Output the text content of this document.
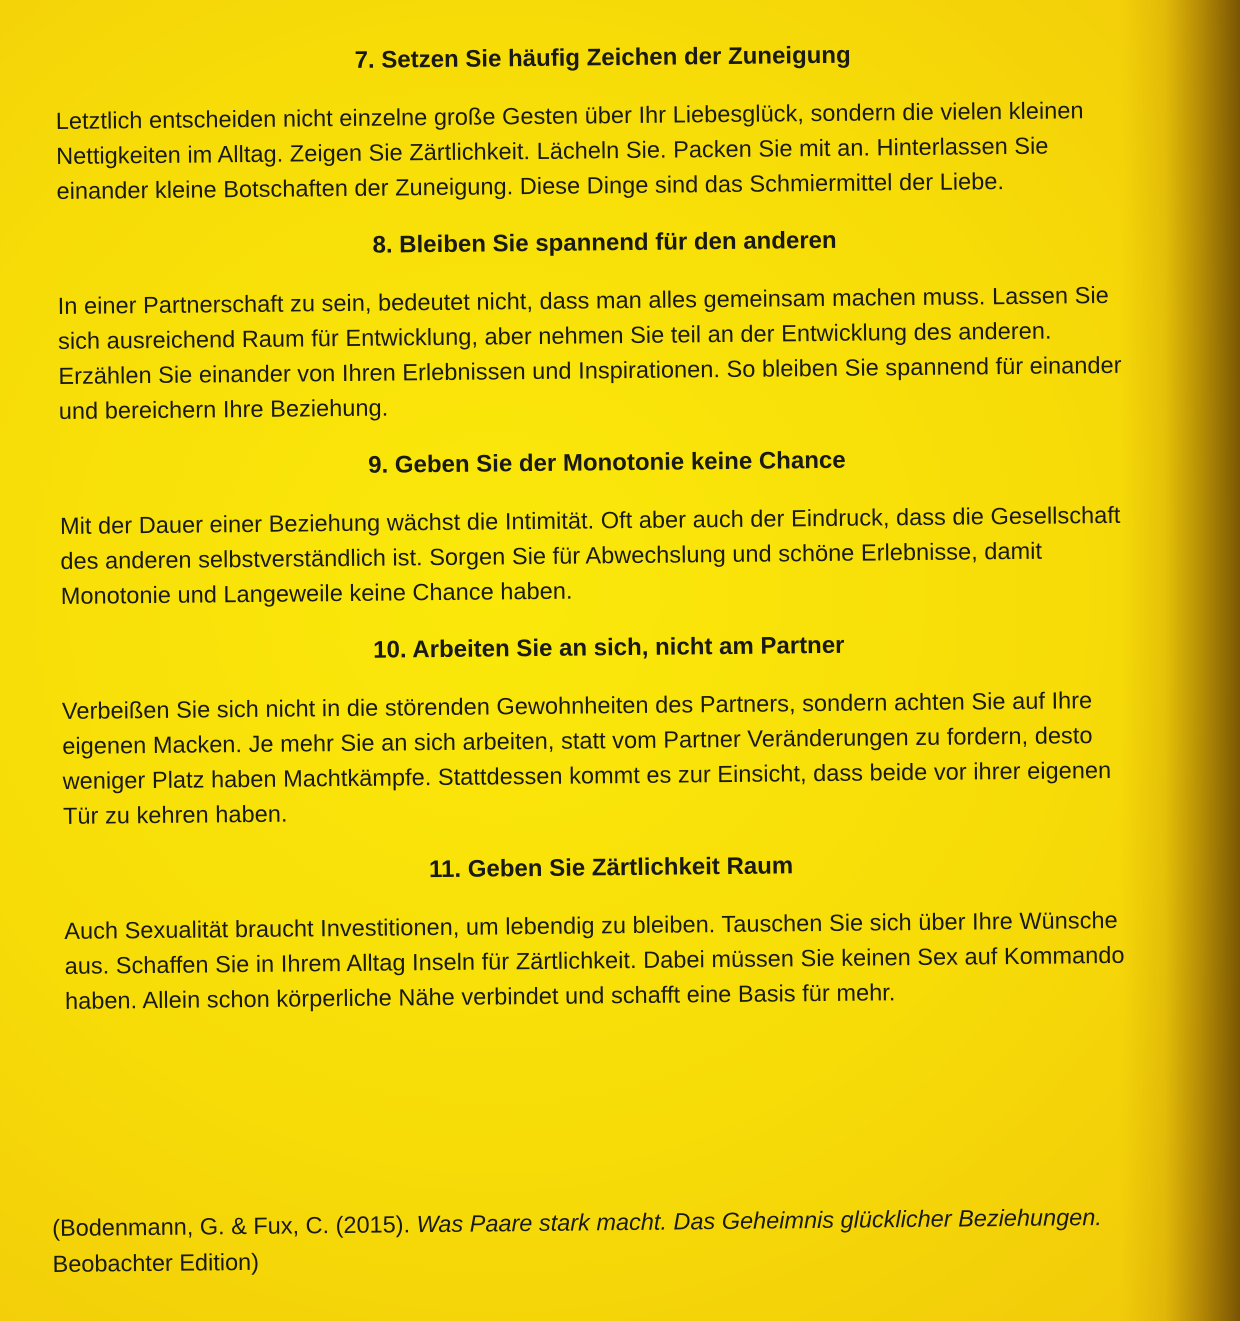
7. Setzen Sie häufig Zeichen der Zuneigung

Letztlich entscheiden nicht einzelne große Gesten über Ihr Liebesglück, sondern die vielen kleinen Nettigkeiten im Alltag. Zeigen Sie Zärtlichkeit. Lächeln Sie. Packen Sie mit an. Hinterlassen Sie einander kleine Botschaften der Zuneigung. Diese Dinge sind das Schmiermittel der Liebe.

8. Bleiben Sie spannend für den anderen

In einer Partnerschaft zu sein, bedeutet nicht, dass man alles gemeinsam machen muss. Lassen Sie sich ausreichend Raum für Entwicklung, aber nehmen Sie teil an der Entwicklung des anderen. Erzählen Sie einander von Ihren Erlebnissen und Inspirationen. So bleiben Sie spannend für einander und bereichern Ihre Beziehung.

9. Geben Sie der Monotonie keine Chance

Mit der Dauer einer Beziehung wächst die Intimität. Oft aber auch der Eindruck, dass die Gesellschaft des anderen selbstverständlich ist. Sorgen Sie für Abwechslung und schöne Erlebnisse, damit Monotonie und Langeweile keine Chance haben.

10. Arbeiten Sie an sich, nicht am Partner

Verbeißen Sie sich nicht in die störenden Gewohnheiten des Partners, sondern achten Sie auf Ihre eigenen Macken. Je mehr Sie an sich arbeiten, statt vom Partner Veränderungen zu fordern, desto weniger Platz haben Machtkämpfe. Stattdessen kommt es zur Einsicht, dass beide vor ihrer eigenen Tür zu kehren haben.

11. Geben Sie Zärtlichkeit Raum

Auch Sexualität braucht Investitionen, um lebendig zu bleiben. Tauschen Sie sich über Ihre Wünsche aus. Schaffen Sie in Ihrem Alltag Inseln für Zärtlichkeit. Dabei müssen Sie keinen Sex auf Kommando haben. Allein schon körperliche Nähe verbindet und schafft eine Basis für mehr.

(Bodenmann, G. & Fux, C. (2015). Was Paare stark macht. Das Geheimnis glücklicher Beziehungen. Beobachter Edition)
